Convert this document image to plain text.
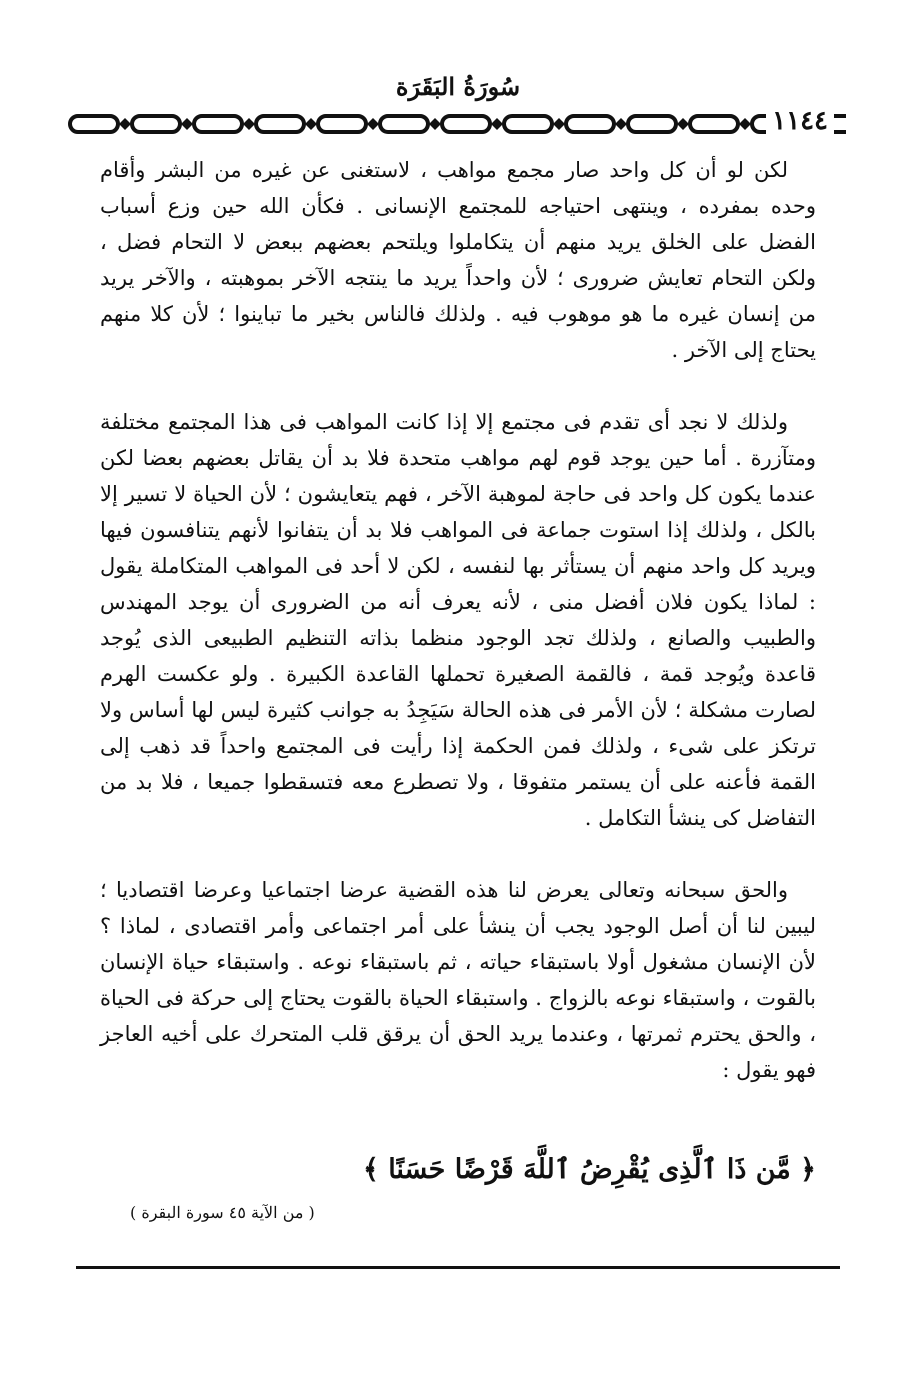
سُورَةُ البَقَرَة
١١٤٤

لكن لو أن كل واحد صار مجمع مواهب ، لاستغنى عن غيره من البشر وأقام وحده بمفرده ، وينتهى احتياجه للمجتمع الإنسانى . فكأن الله حين وزع أسباب الفضل على الخلق يريد منهم أن يتكاملوا ويلتحم بعضهم ببعض لا التحام فضل ، ولكن التحام تعايش ضرورى ؛ لأن واحداً يريد ما ينتجه الآخر بموهبته ، والآخر يريد من إنسان غيره ما هو موهوب فيه . ولذلك فالناس بخير ما تباينوا ؛ لأن كلا منهم يحتاج إلى الآخر .

ولذلك لا نجد أى تقدم فى مجتمع إلا إذا كانت المواهب فى هذا المجتمع مختلفة ومتآزرة . أما حين يوجد قوم لهم مواهب متحدة فلا بد أن يقاتل بعضهم بعضا لكن عندما يكون كل واحد فى حاجة لموهبة الآخر ، فهم يتعايشون ؛ لأن الحياة لا تسير إلا بالكل ، ولذلك إذا استوت جماعة فى المواهب فلا بد أن يتفانوا لأنهم يتنافسون فيها ويريد كل واحد منهم أن يستأثر بها لنفسه ، لكن لا أحد فى المواهب المتكاملة يقول : لماذا يكون فلان أفضل منى ، لأنه يعرف أنه من الضرورى أن يوجد المهندس والطبيب والصانع ، ولذلك تجد الوجود منظما بذاته التنظيم الطبيعى الذى يُوجد قاعدة ويُوجد قمة ، فالقمة الصغيرة تحملها القاعدة الكبيرة . ولو عكست الهرم لصارت مشكلة ؛ لأن الأمر فى هذه الحالة سَيَجِدُ به جوانب كثيرة ليس لها أساس ولا ترتكز على شىء ، ولذلك فمن الحكمة إذا رأيت فى المجتمع واحداً قد ذهب إلى القمة فأعنه على أن يستمر متفوقا ، ولا تصطرع معه فتسقطوا جميعا ، فلا بد من التفاضل كى ينشأ التكامل .

والحق سبحانه وتعالى يعرض لنا هذه القضية عرضا اجتماعيا وعرضا اقتصاديا ؛ ليبين لنا أن أصل الوجود يجب أن ينشأ على أمر اجتماعى وأمر اقتصادى ، لماذا ؟ لأن الإنسان مشغول أولا باستبقاء حياته ، ثم باستبقاء نوعه . واستبقاء حياة الإنسان بالقوت ، واستبقاء نوعه بالزواج . واستبقاء الحياة بالقوت يحتاج إلى حركة فى الحياة ، والحق يحترم ثمرتها ، وعندما يريد الحق أن يرقق قلب المتحرك على أخيه العاجز فهو يقول :

﴿ مَّن ذَا ٱلَّذِى يُقْرِضُ ٱللَّهَ قَرْضًا حَسَنًا ﴾
( من الآية ٤٥ سورة البقرة )
